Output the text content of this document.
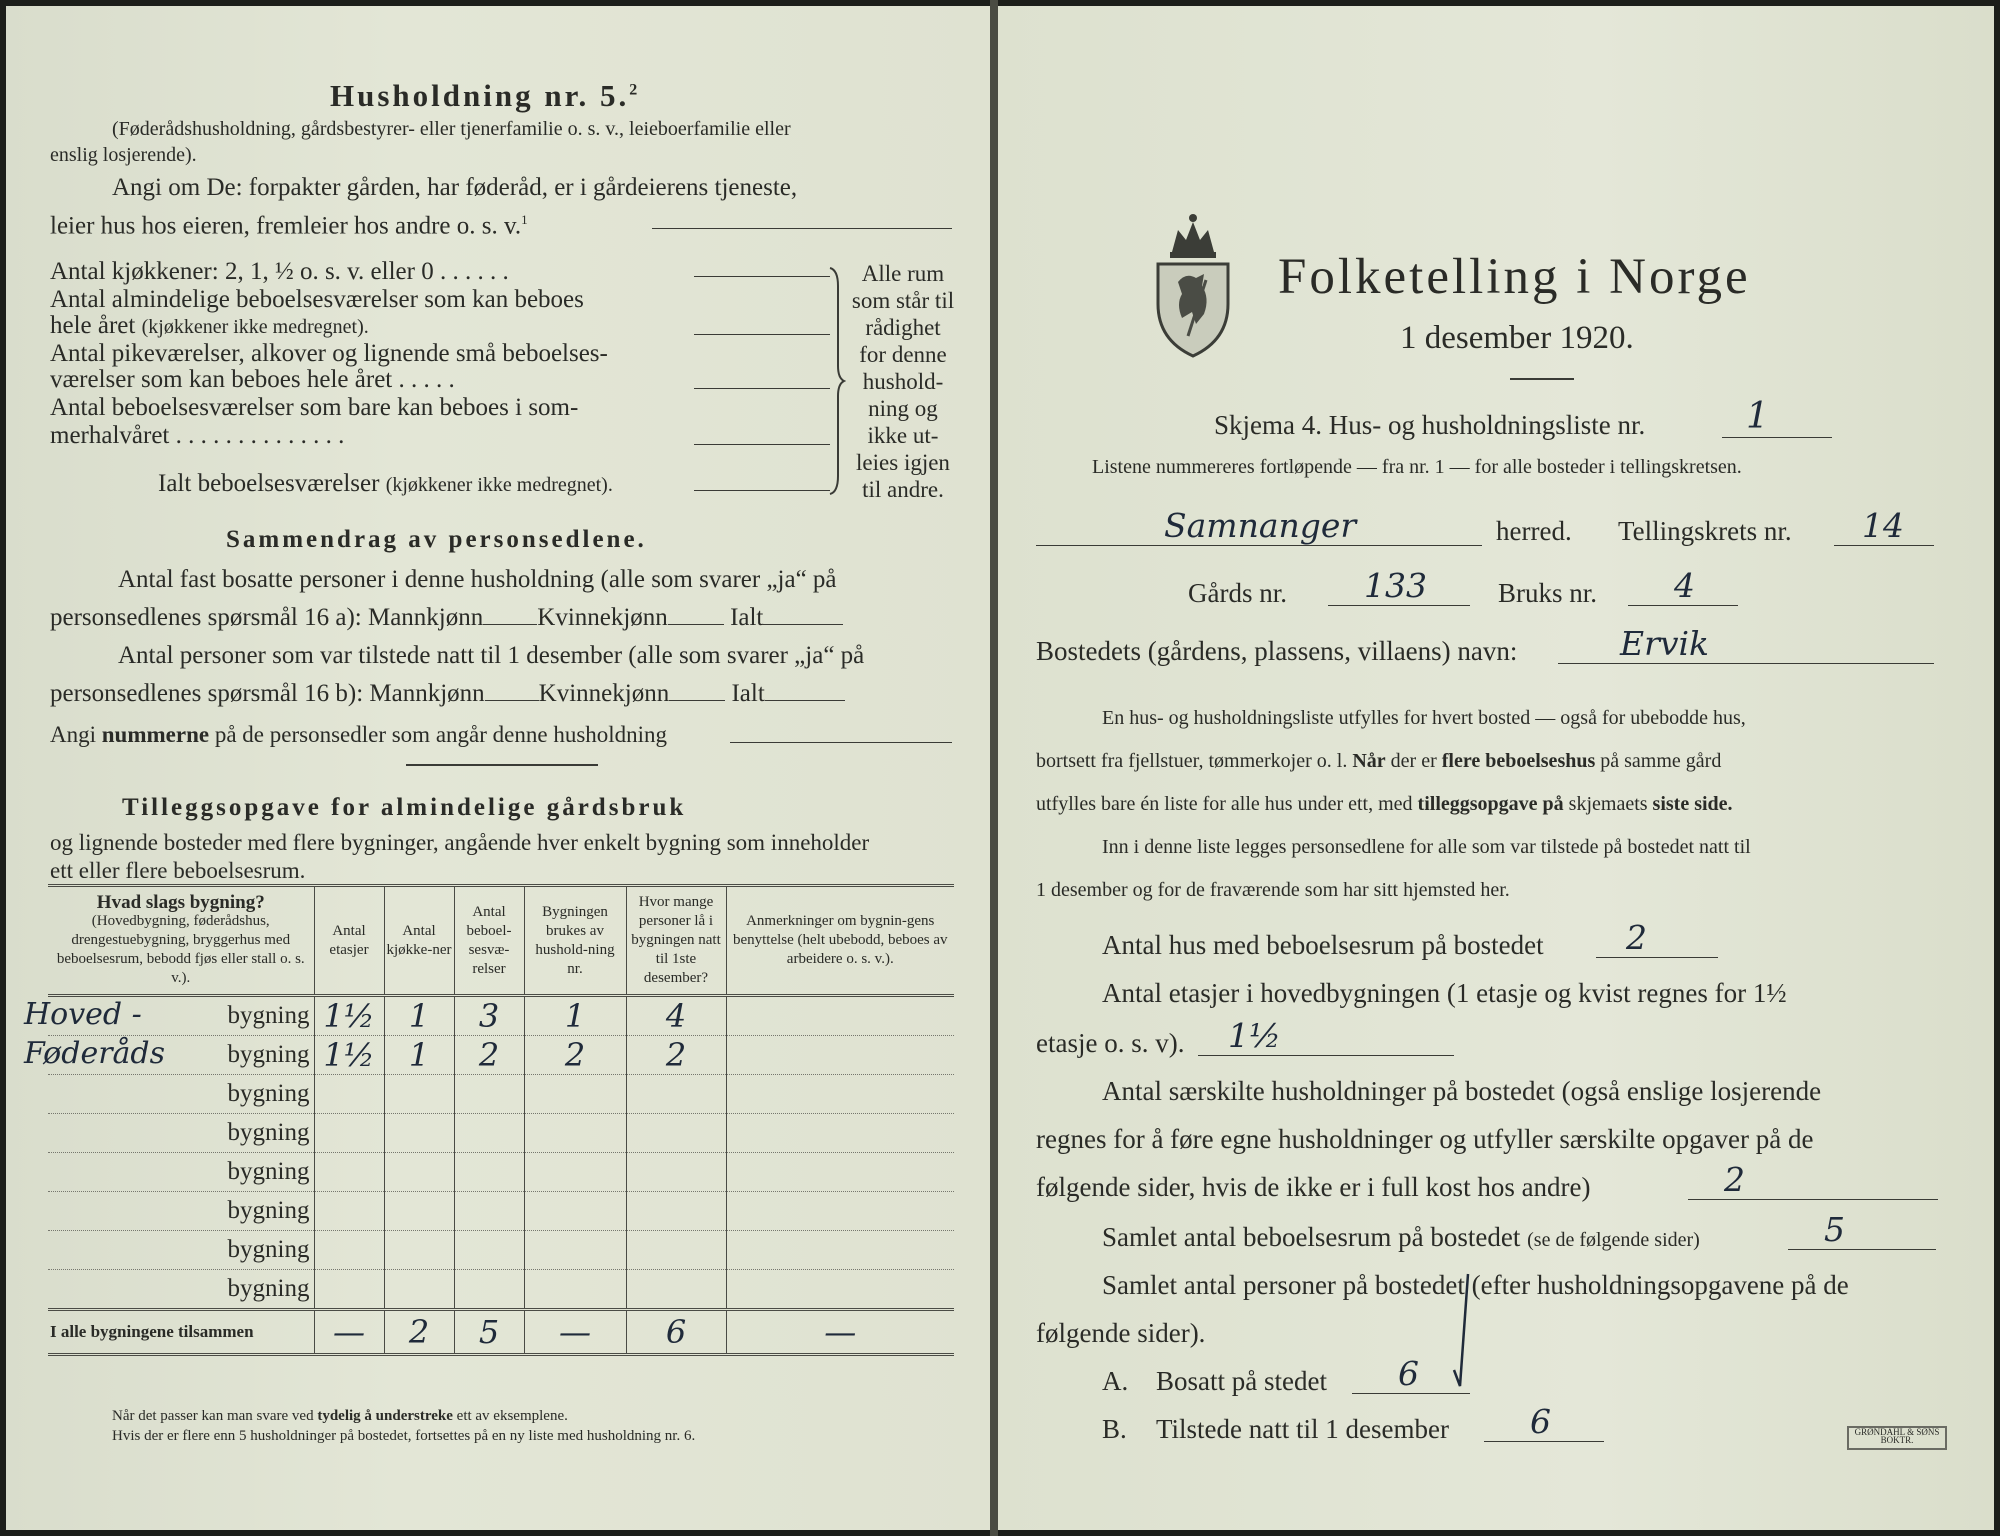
Husholdning nr. 5.$^2$
(Føderådshusholdning, gårdsbestyrer- eller tjenerfamilie o. s. v., leieboerfamilie eller
enslig losjerende).
Angi om De: forpakter gården, har føderåd, er i gårdeierens tjeneste,
leier hus hos eieren, fremleier hos andre o. s. v.$^1$
Antal kjøkkener: 2, 1, ½ o. s. v. eller 0 . . . . . .
Antal almindelige beboelsesværelser som kan beboes
hele året (kjøkkener ikke medregnet).
Antal pikeværelser, alkover og lignende små beboelses-
værelser som kan beboes hele året . . . . .
Antal beboelsesværelser som bare kan beboes i som-
merhalvåret . . . . . . . . . . . . . .
Ialt beboelsesværelser (kjøkkener ikke medregnet).
Alle rum
som står til
rådighet
for denne
hushold-
ning og
ikke ut-
leies igjen
til andre.
Sammendrag av personsedlene.
Antal fast bosatte personer i denne husholdning (alle som svarer „ja“ på
personsedlenes spørsmål 16 a): Mannkjønn Kvinnekjønn Ialt
Antal personer som var tilstede natt til 1 desember (alle som svarer „ja“ på
personsedlenes spørsmål 16 b): Mannkjønn Kvinnekjønn Ialt
Angi nummerne på de personsedler som angår denne husholdning
Tilleggsopgave for almindelige gårdsbruk
og lignende bosteder med flere bygninger, angående hver enkelt bygning som inneholder
ett eller flere beboelsesrum.
Hvad slags bygning?
(Hovedbygning, føderådshus, drengestuebygning, bryggerhus med beboelsesrum, bebodd fjøs eller stall o. s. v.).	Antal etasjer	Antal kjøkke-ner	Antal beboel-sesvæ-relser	Bygningen brukes av hushold-ning nr.	Hvor mange personer lå i bygningen natt til 1ste desember?	Anmerkninger om bygnin-gens benyttelse (helt ubebodd, beboes av arbeidere o. s. v.).

Hoved - bygning	1½	1	3	1	4	

Føderåds bygning	1½	1	2	2	2	
bygning						
bygning						
bygning						
bygning						
bygning						
bygning						
I alle bygningene tilsammen	—	2	5	—	6	—
Når det passer kan man svare ved tydelig å understreke ett av eksemplene.
Hvis der er flere enn 5 husholdninger på bostedet, fortsettes på en ny liste med husholdning nr. 6.
Folketelling i Norge
1 desember 1920.
Skjema 4. Hus- og husholdningsliste nr.	1
Listene nummereres fortløpende — fra nr. 1 — for alle bosteder i tellingskretsen.
Samnanger	herred. Tellingskrets nr.	14
Gårds nr.	133	Bruks nr.	4
Bostedets (gårdens, plassens, villaens) navn:	Ervik
En hus- og husholdningsliste utfylles for hvert bosted — også for ubebodde hus,
bortsett fra fjellstuer, tømmerkojer o. l. Når der er flere beboelseshus på samme gård
utfylles bare én liste for alle hus under ett, med tilleggsopgave på skjemaets siste side.
Inn i denne liste legges personsedlene for alle som var tilstede på bostedet natt til
1 desember og for de fraværende som har sitt hjemsted her.
Antal hus med beboelsesrum på bostedet	2
Antal etasjer i hovedbygningen (1 etasje og kvist regnes for 1½
etasje o. s. v).	1½
Antal særskilte husholdninger på bostedet (også enslige losjerende
regnes for å føre egne husholdninger og utfyller særskilte opgaver på de
følgende sider, hvis de ikke er i full kost hos andre)	2
Samlet antal beboelsesrum på bostedet (se de følgende sider)	5
Samlet antal personer på bostedet (efter husholdningsopgavene på de
følgende sider).
A. Bosatt på stedet	6
B. Tilstede natt til 1 desember	6	GRØNDAHL & SØNS BOKTR.
